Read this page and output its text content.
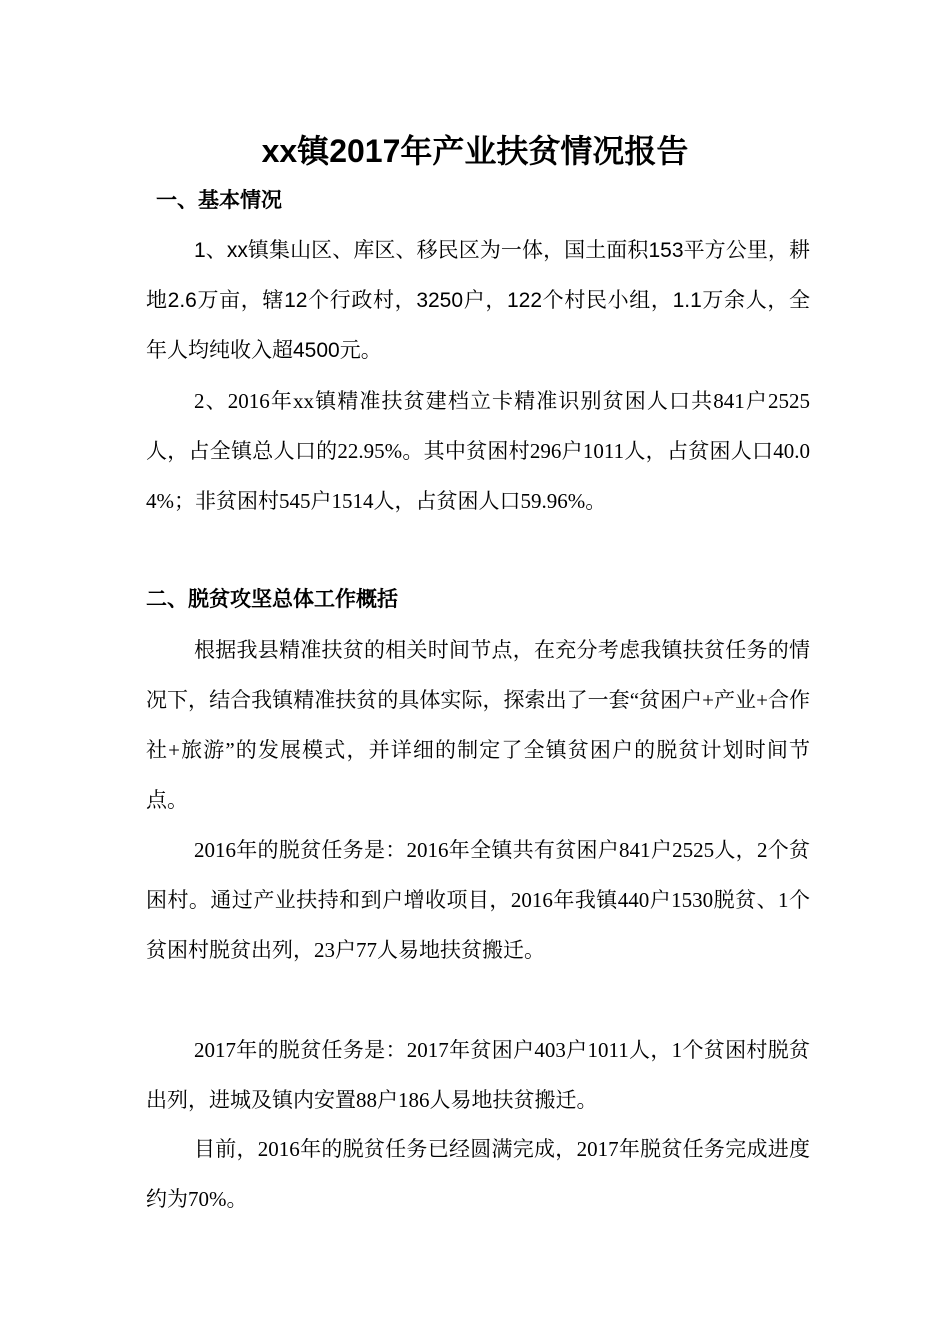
xx镇2017年产业扶贫情况报告
一、基本情况
1、xx镇集山区、库区、移民区为一体，国土面积153平方公里，耕地2.6万亩，辖12个行政村，3250户，122个村民小组，1.1万余人，全年人均纯收入超4500元。
2、2016年xx镇精准扶贫建档立卡精准识别贫困人口共841户2525人，占全镇总人口的22.95%。其中贫困村296户1011人，占贫困人口40.04%；非贫困村545户1514人，占贫困人口59.96%。
二、脱贫攻坚总体工作概括
根据我县精准扶贫的相关时间节点，在充分考虑我镇扶贫任务的情况下，结合我镇精准扶贫的具体实际，探索出了一套“贫困户+产业+合作社+旅游”的发展模式，并详细的制定了全镇贫困户的脱贫计划时间节点。
2016年的脱贫任务是：2016年全镇共有贫困户841户2525人，2个贫困村。通过产业扶持和到户增收项目，2016年我镇440户1530脱贫、1个贫困村脱贫出列，23户77人易地扶贫搬迁。
2017年的脱贫任务是：2017年贫困户403户1011人，1个贫困村脱贫出列，进城及镇内安置88户186人易地扶贫搬迁。
目前，2016年的脱贫任务已经圆满完成，2017年脱贫任务完成进度约为70%。
